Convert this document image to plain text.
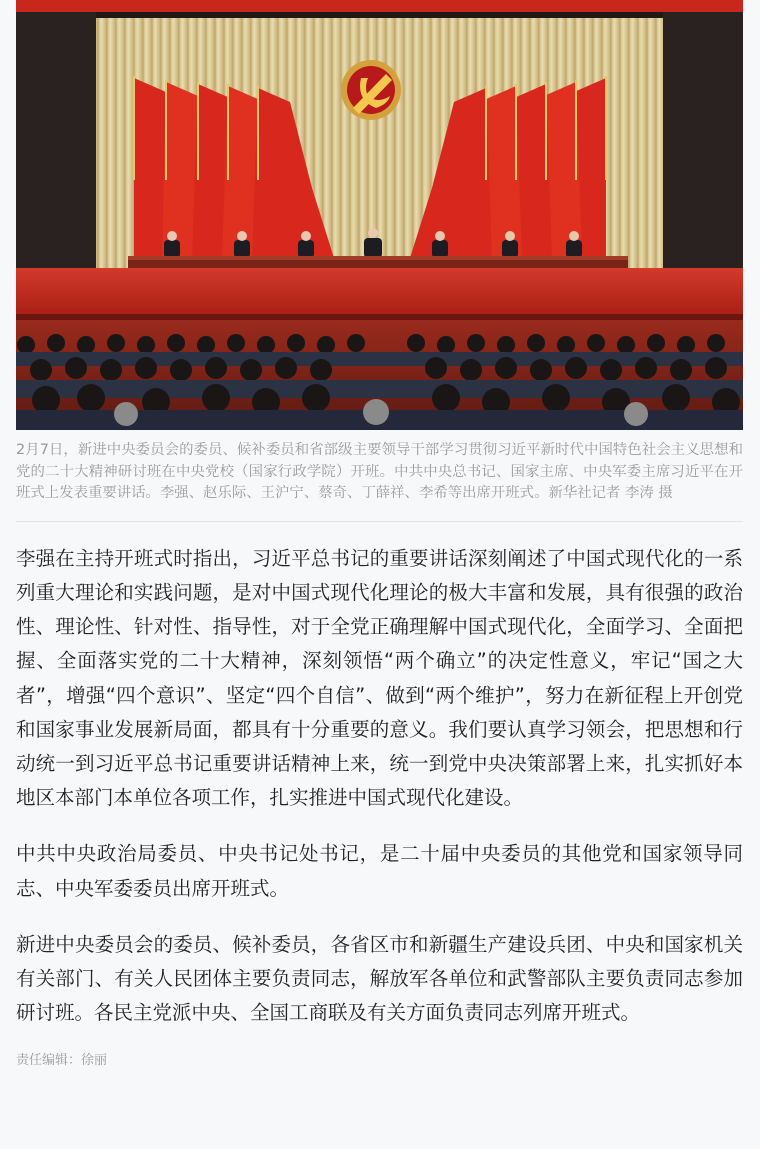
2月7日，新进中央委员会的委员、候补委员和省部级主要领导干部学习贯彻习近平新时代中国特色社会主义思想和党的二十大精神研讨班在中央党校（国家行政学院）开班。中共中央总书记、国家主席、中央军委主席习近平在开班式上发表重要讲话。李强、赵乐际、王沪宁、蔡奇、丁薛祥、李希等出席开班式。新华社记者 李涛 摄

李强在主持开班式时指出，习近平总书记的重要讲话深刻阐述了中国式现代化的一系列重大理论和实践问题，是对中国式现代化理论的极大丰富和发展，具有很强的政治性、理论性、针对性、指导性，对于全党正确理解中国式现代化，全面学习、全面把握、全面落实党的二十大精神，深刻领悟“两个确立”的决定性意义，牢记“国之大者”，增强“四个意识”、坚定“四个自信”、做到“两个维护”，努力在新征程上开创党和国家事业发展新局面，都具有十分重要的意义。我们要认真学习领会，把思想和行动统一到习近平总书记重要讲话精神上来，统一到党中央决策部署上来，扎实抓好本地区本部门本单位各项工作，扎实推进中国式现代化建设。

中共中央政治局委员、中央书记处书记，是二十届中央委员的其他党和国家领导同志、中央军委委员出席开班式。

新进中央委员会的委员、候补委员，各省区市和新疆生产建设兵团、中央和国家机关有关部门、有关人民团体主要负责同志，解放军各单位和武警部队主要负责同志参加研讨班。各民主党派中央、全国工商联及有关方面负责同志列席开班式。

责任编辑：徐丽
